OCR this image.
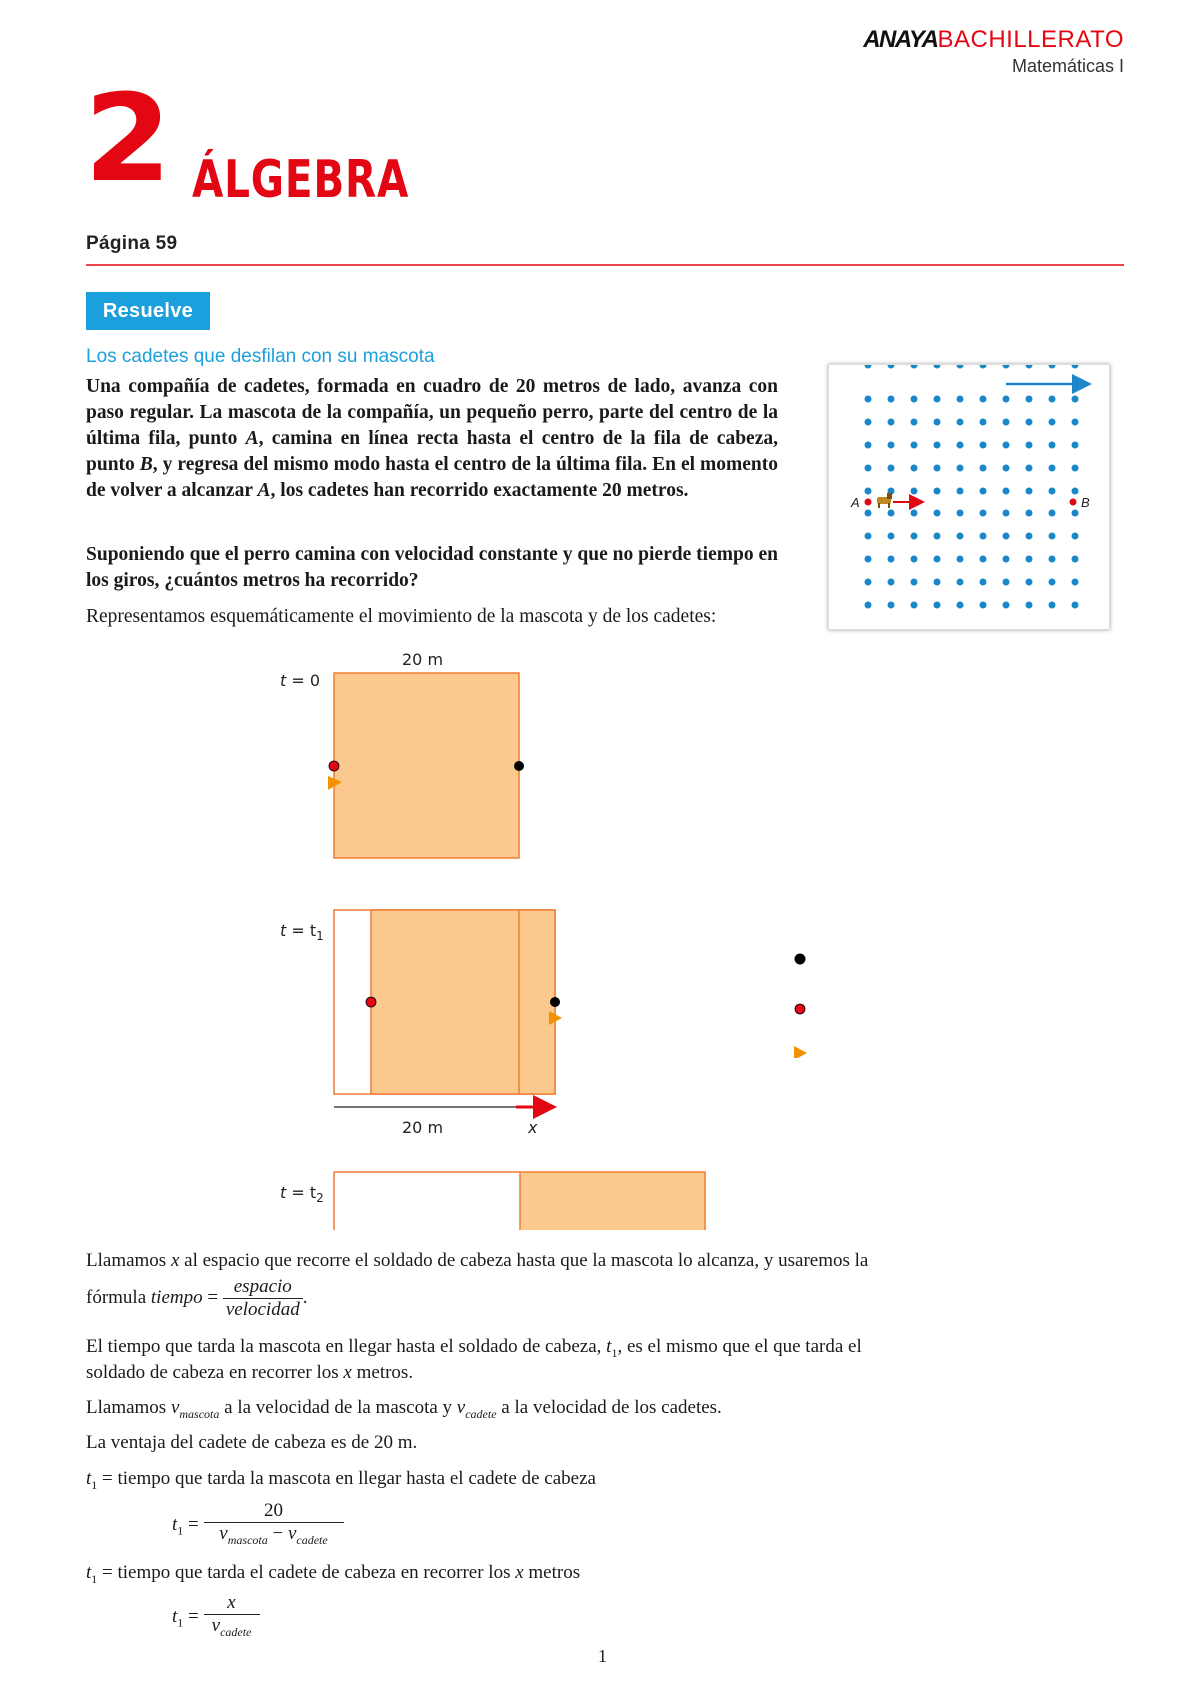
ANAYABACHILLERATO
Matemáticas I
2 ÁLGEBRA
Página 59
Resuelve
Los cadetes que desfilan con su mascota
Una compañía de cadetes, formada en cuadro de 20 metros de lado, avanza con paso regular. La mascota de la compañía, un pequeño perro, parte del centro de la última fila, punto A, camina en línea recta hasta el centro de la fila de cabeza, punto B, y regresa del mismo modo hasta el centro de la última fila. En el momento de volver a alcanzar A, los cadetes han recorrido exactamente 20 metros.
Suponiendo que el perro camina con velocidad constante y que no pierde tiempo en los giros, ¿cuántos metros ha recorrido?
Representamos esquemáticamente el movimiento de la mascota y de los cadetes:
A	B
t = 0
20 m
$t = t_1$
20 m	x
$t = t_2$
Llamamos x al espacio que recorre el soldado de cabeza hasta que la mascota lo alcanza, y usaremos la
fórmula tiempo = $\frac{\text{espacio}}{\text{velocidad}}$ .
El tiempo que tarda la mascota en llegar hasta el soldado de cabeza, $t_1$, es el mismo que el que tarda el
soldado de cabeza en recorrer los x metros.
Llamamos $v_{mascota}$ a la velocidad de la mascota y $v_{cadete}$ a la velocidad de los cadetes.
La ventaja del cadete de cabeza es de 20 m.
$t_1$ = tiempo que tarda la mascota en llegar hasta el cadete de cabeza
$t_1 = \frac{20}{v_{mascota} - v_{cadete}}$
$t_1$ = tiempo que tarda el cadete de cabeza en recorrer los x metros
$t_1 = \frac{x}{v_{cadete}}$
1
